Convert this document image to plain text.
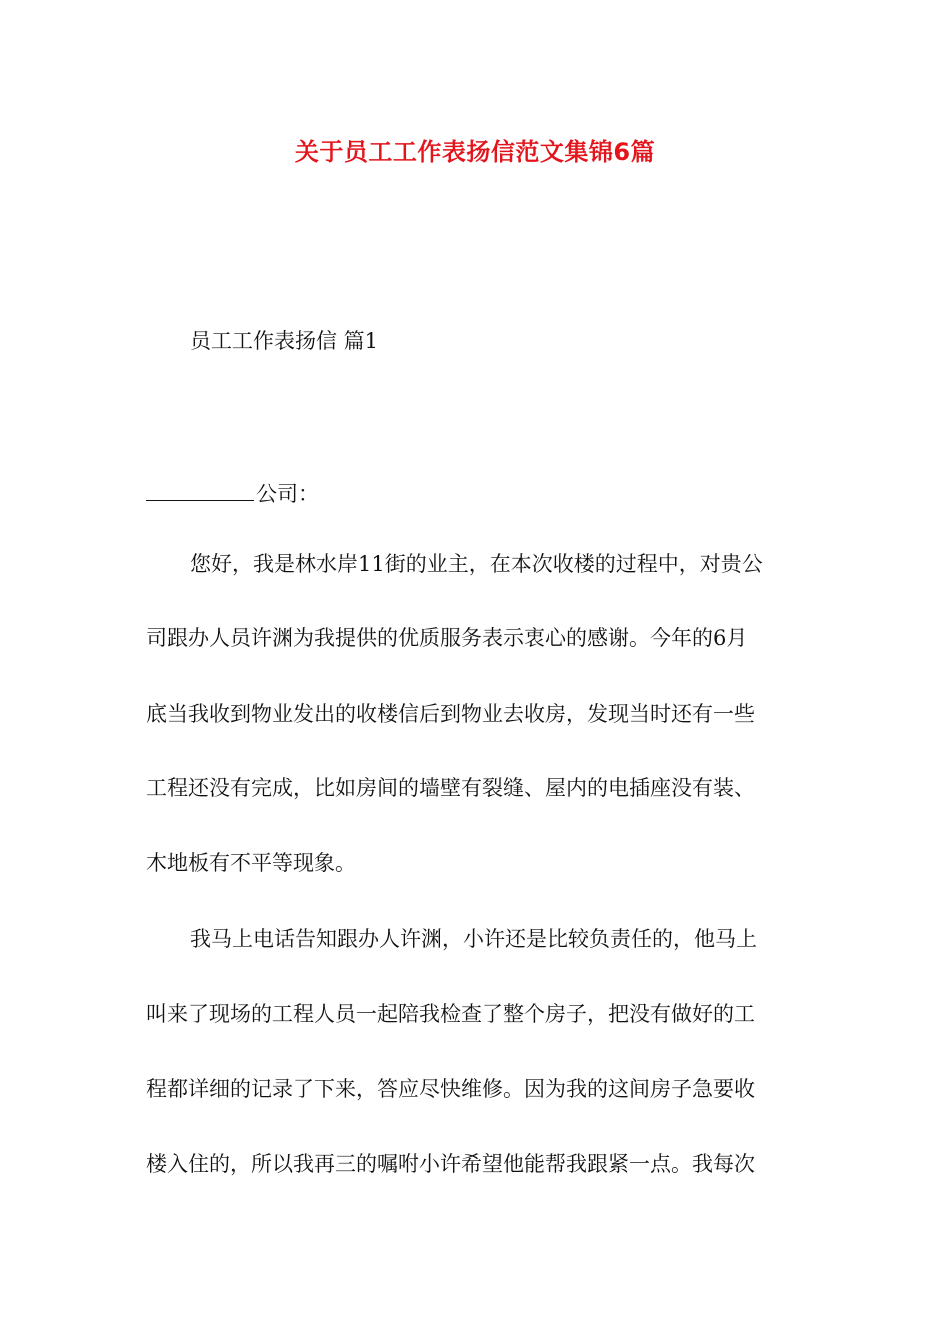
关于员工工作表扬信范文集锦6篇
员工工作表扬信 篇1
公司：
您好，我是林水岸11街的业主，在本次收楼的过程中，对贵公
司跟办人员许渊为我提供的优质服务表示衷心的感谢。今年的6月
底当我收到物业发出的收楼信后到物业去收房，发现当时还有一些
工程还没有完成，比如房间的墙壁有裂缝、屋内的电插座没有装、
木地板有不平等现象。
我马上电话告知跟办人许渊，小许还是比较负责任的，他马上
叫来了现场的工程人员一起陪我检查了整个房子，把没有做好的工
程都详细的记录了下来，答应尽快维修。因为我的这间房子急要收
楼入住的，所以我再三的嘱咐小许希望他能帮我跟紧一点。我每次
